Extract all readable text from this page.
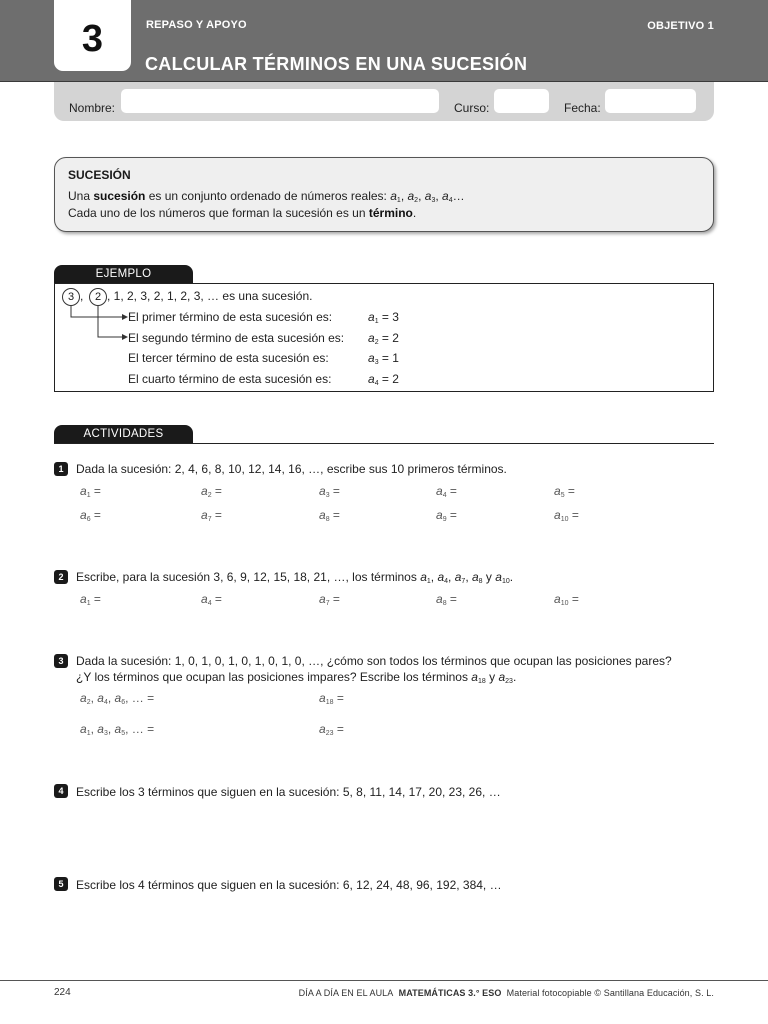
3	REPASO Y APOYO	OBJETIVO 1
CALCULAR TÉRMINOS EN UNA SUCESIÓN
Nombre:	Curso:	Fecha:
SUCESIÓN
Una sucesión es un conjunto ordenado de números reales: $a_1$, $a_2$, $a_3$, $a_4\dots$
Cada uno de los números que forman la sucesión es un término.
EJEMPLO
3 ,	2 , 1, 2, 3, 2, 1, 2, 3, … es una sucesión.
El primer término de esta sucesión es:	$a_1 = 3$
El segundo término de esta sucesión es: $a_2 = 2$
El tercer término de esta sucesión es:	$a_3 = 1$
El cuarto término de esta sucesión es:	$a_4 = 2$
ACTIVIDADES
1	Dada la sucesión: 2, 4, 6, 8, 10, 12, 14, 16, …, escribe sus 10 primeros términos.
$a_1$ =	$a_2$ =	$a_3$ =	$a_4$ =	$a_5$ =
$a_6$ =	$a_7$ =	$a_8$ =	$a_9$ =	$a_{10}$ =
2	Escribe, para la sucesión 3, 6, 9, 12, 15, 18, 21, …, los términos $a_1$, $a_4$, $a_7$, $a_8$ y $a_{10}$.
$a_1$ =	$a_4$ =	$a_7$ =	$a_8$ =	$a_{10}$ =
3	Dada la sucesión: 1, 0, 1, 0, 1, 0, 1, 0, 1, 0, …, ¿cómo son todos los términos que ocupan las posiciones pares?
¿Y los términos que ocupan las posiciones impares? Escribe los términos $a_{18}$ y $a_{23}$.
$a_2$, $a_4$, $a_6$, … =	$a_{18}$ =
$a_1$, $a_3$, $a_5$, … =	$a_{23}$ =
4	Escribe los 3 términos que siguen en la sucesión: 5, 8, 11, 14, 17, 20, 23, 26, …
5	Escribe los 4 términos que siguen en la sucesión: 6, 12, 24, 48, 96, 192, 384, …
224	DÍA A DÍA EN EL AULA MATEMÁTICAS 3.° ESO Material fotocopiable © Santillana Educación, S. L.
